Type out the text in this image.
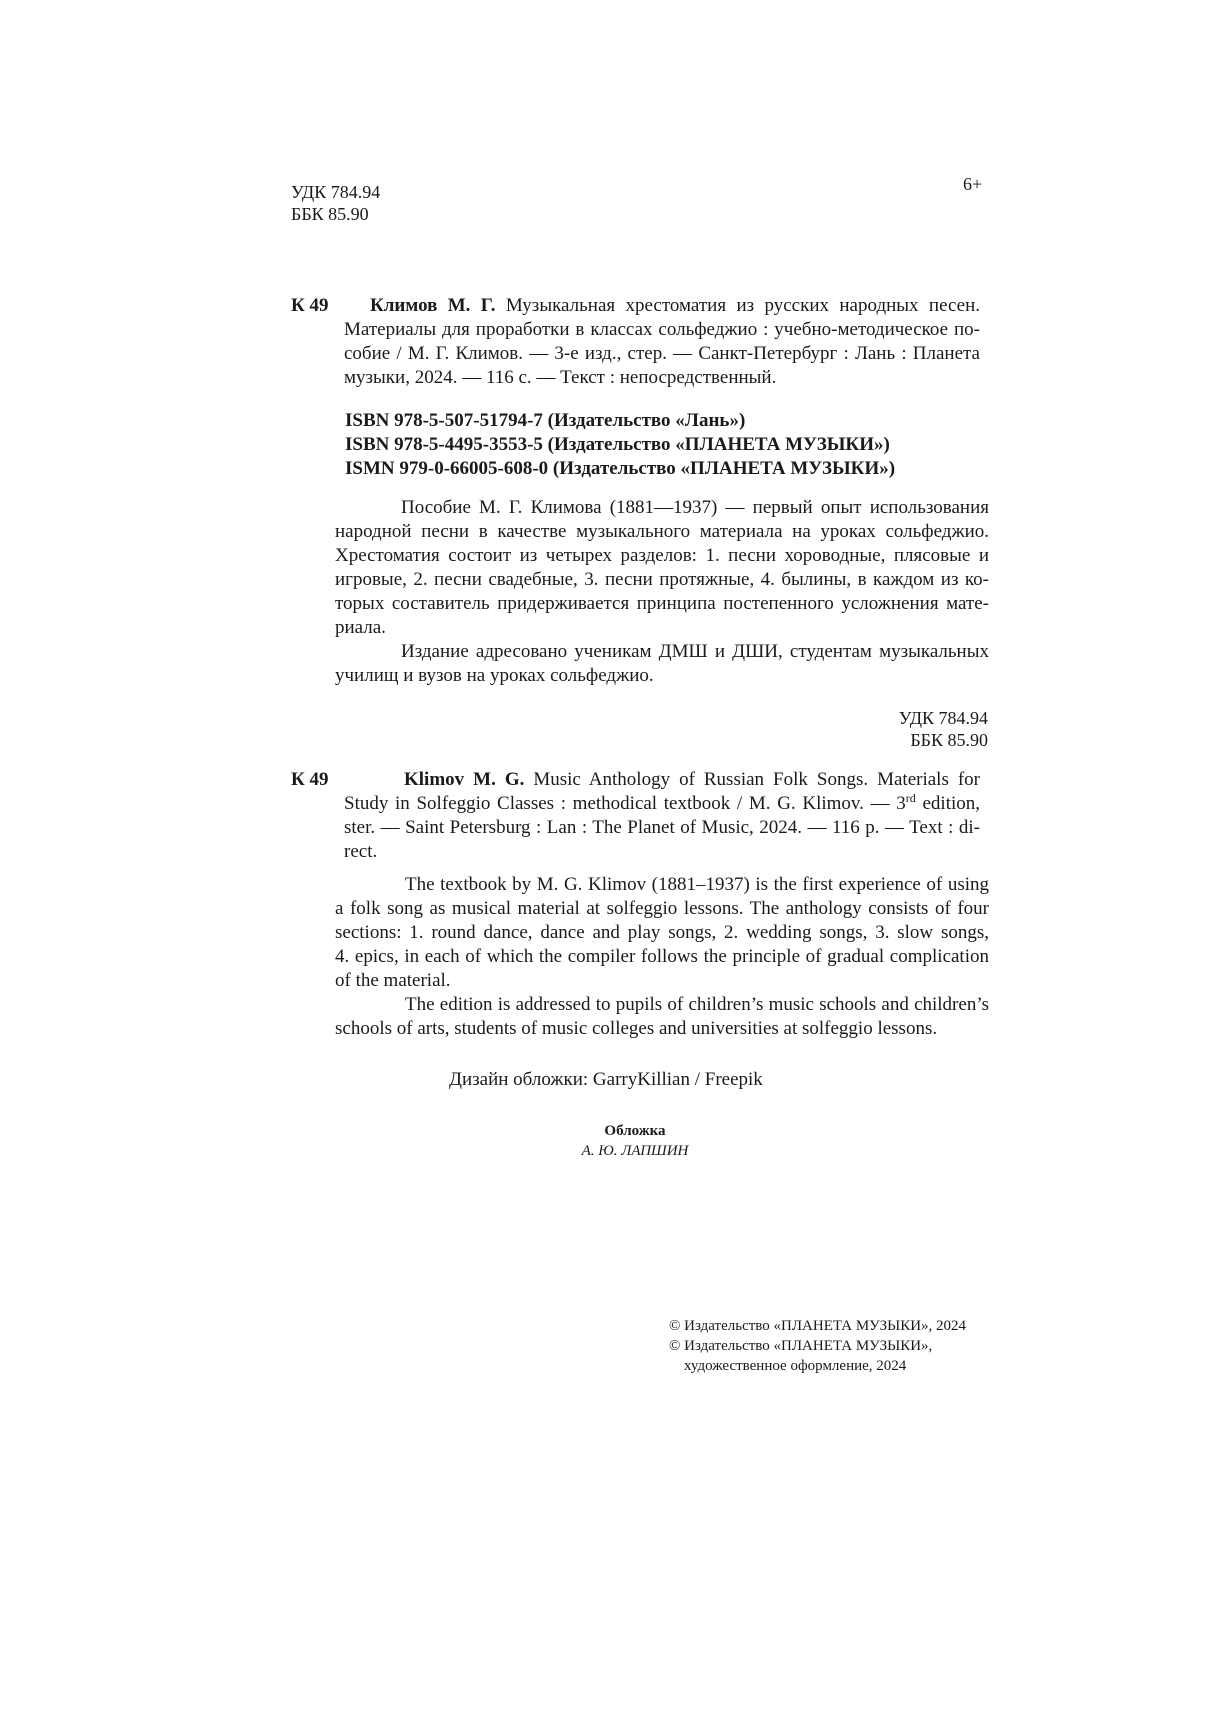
УДК 784.94
ББК 85.90
6+
К 49	Климов М. Г. Музыкальная хрестоматия из русских народных песен.
Материалы для проработки в классах сольфеджио : учебно-методическое по-
собие / М. Г. Климов. — 3-е изд., стер. — Санкт-Петербург : Лань : Планета
музыки, 2024. — 116 с. — Текст : непосредственный.
ISBN 978-5-507-51794-7 (Издательство «Лань»)
ISBN 978-5-4495-3553-5 (Издательство «ПЛАНЕТА МУЗЫКИ»)
ISMN 979-0-66005-608-0 (Издательство «ПЛАНЕТА МУЗЫКИ»)
Пособие М. Г. Климова (1881—1937) — первый опыт использования
народной песни в качестве музыкального материала на уроках сольфеджио.
Хрестоматия состоит из четырех разделов: 1. песни хороводные, плясовые и
игровые, 2. песни свадебные, 3. песни протяжные, 4. былины, в каждом из ко-
торых составитель придерживается принципа постепенного усложнения мате-
риала.
Издание адресовано ученикам ДМШ и ДШИ, студентам музыкальных
училищ и вузов на уроках сольфеджио.
УДК 784.94
ББК 85.90
К 49	Klimov M. G. Music Anthology of Russian Folk Songs. Materials for
Study in Solfeggio Classes : methodical textbook / M. G. Klimov. — 3rd edition,
ster. — Saint Petersburg : Lan : The Planet of Music, 2024. — 116 p. — Text : di-
rect.
The textbook by M. G. Klimov (1881–1937) is the first experience of using
a folk song as musical material at solfeggio lessons. The anthology consists of four
sections: 1. round dance, dance and play songs, 2. wedding songs, 3. slow songs,
4. epics, in each of which the compiler follows the principle of gradual complication
of the material.
The edition is addressed to pupils of children’s music schools and children’s
schools of arts, students of music colleges and universities at solfeggio lessons.
Дизайн обложки: GarryKillian / Freepik
Обложка
А. Ю. ЛАПШИН
© Издательство «ПЛАНЕТА МУЗЫКИ», 2024
© Издательство «ПЛАНЕТА МУЗЫКИ»,
художественное оформление, 2024
